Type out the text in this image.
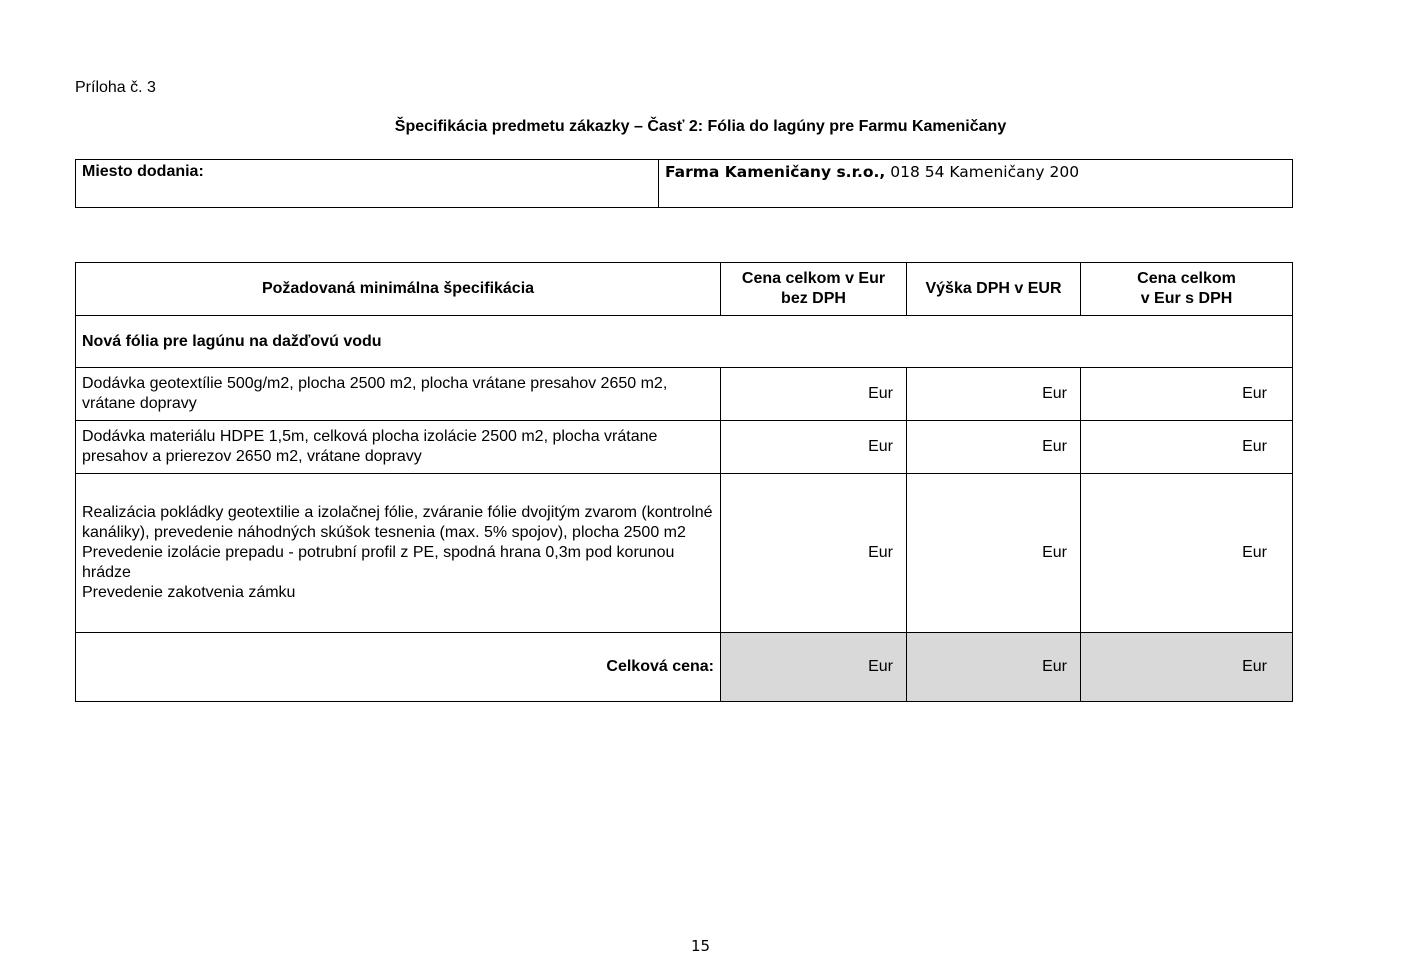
Príloha č. 3
Špecifikácia predmetu zákazky – Časť 2: Fólia do lagúny pre Farmu Kameničany
Miesto dodania:	Farma Kameničany s.r.o., 018 54 Kameničany 200
Požadovaná minimálna špecifikácia	Cena celkom v Eur bez DPH	Výška DPH v EUR	Cena celkom v Eur s DPH
Nová fólia pre lagúnu na dažďovú vodu			

Dodávka geotextílie 500g/m2, plocha 2500 m2, plocha vrátane presahov 2650 m2, vrátane dopravy	Eur	Eur	Eur

Dodávka materiálu HDPE 1,5m, celková plocha izolácie 2500 m2, plocha vrátane presahov a prierezov 2650 m2, vrátane dopravy	Eur	Eur	Eur

Realizácia pokládky geotextilie a izolačnej fólie, zváranie fólie dvojitým zvarom (kontrolné kanáliky), prevedenie náhodných skúšok tesnenia (max. 5% spojov), plocha 2500 m2
Prevedenie izolácie prepadu - potrubní profil z PE, spodná hrana 0,3m pod korunou hrádze
Prevedenie zakotvenia zámku	Eur	Eur	Eur
Celková cena:	Eur	Eur	Eur
15
